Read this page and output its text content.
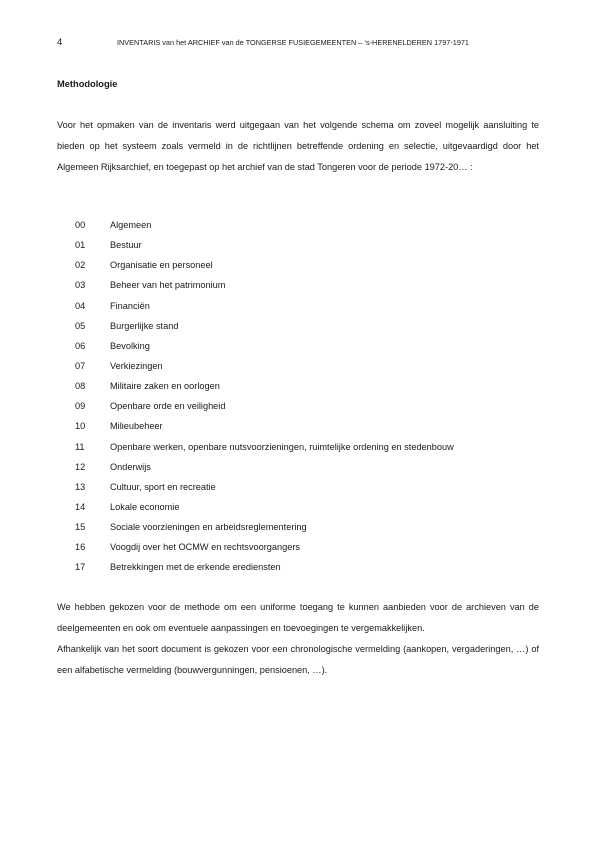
4	INVENTARIS van het ARCHIEF van de TONGERSE FUSIEGEMEENTEN – ‘s-HERENELDEREN 1797-1971
Methodologie

Voor het opmaken van de inventaris werd uitgegaan van het volgende schema om zoveel mogelijk aansluiting te bieden op het systeem zoals vermeld in de richtlijnen betreffende ordening en selectie, uitgevaardigd door het Algemeen Rijksarchief, en toegepast op het archief van de stad Tongeren voor de periode 1972-20… :

00	Algemeen
01	Bestuur
02	Organisatie en personeel
03	Beheer van het patrimonium
04	Financiën
05	Burgerlijke stand
06	Bevolking
07	Verkiezingen
08	Militaire zaken en oorlogen
09	Openbare orde en veiligheid
10	Milieubeheer
11	Openbare werken, openbare nutsvoorzieningen, ruimtelijke ordening en stedenbouw
12	Onderwijs
13	Cultuur, sport en recreatie
14	Lokale economie
15	Sociale voorzieningen en arbeidsreglementering
16	Voogdij over het OCMW en rechtsvoorgangers
17	Betrekkingen met de erkende erediensten

We hebben gekozen voor de methode om een uniforme toegang te kunnen aanbieden voor de archieven van de deelgemeenten en ook om eventuele aanpassingen en toevoegingen te vergemakkelijken.

Afhankelijk van het soort document is gekozen voor een chronologische vermelding (aankopen, vergaderingen, …) of een alfabetische vermelding (bouwvergunningen, pensioenen, …).
